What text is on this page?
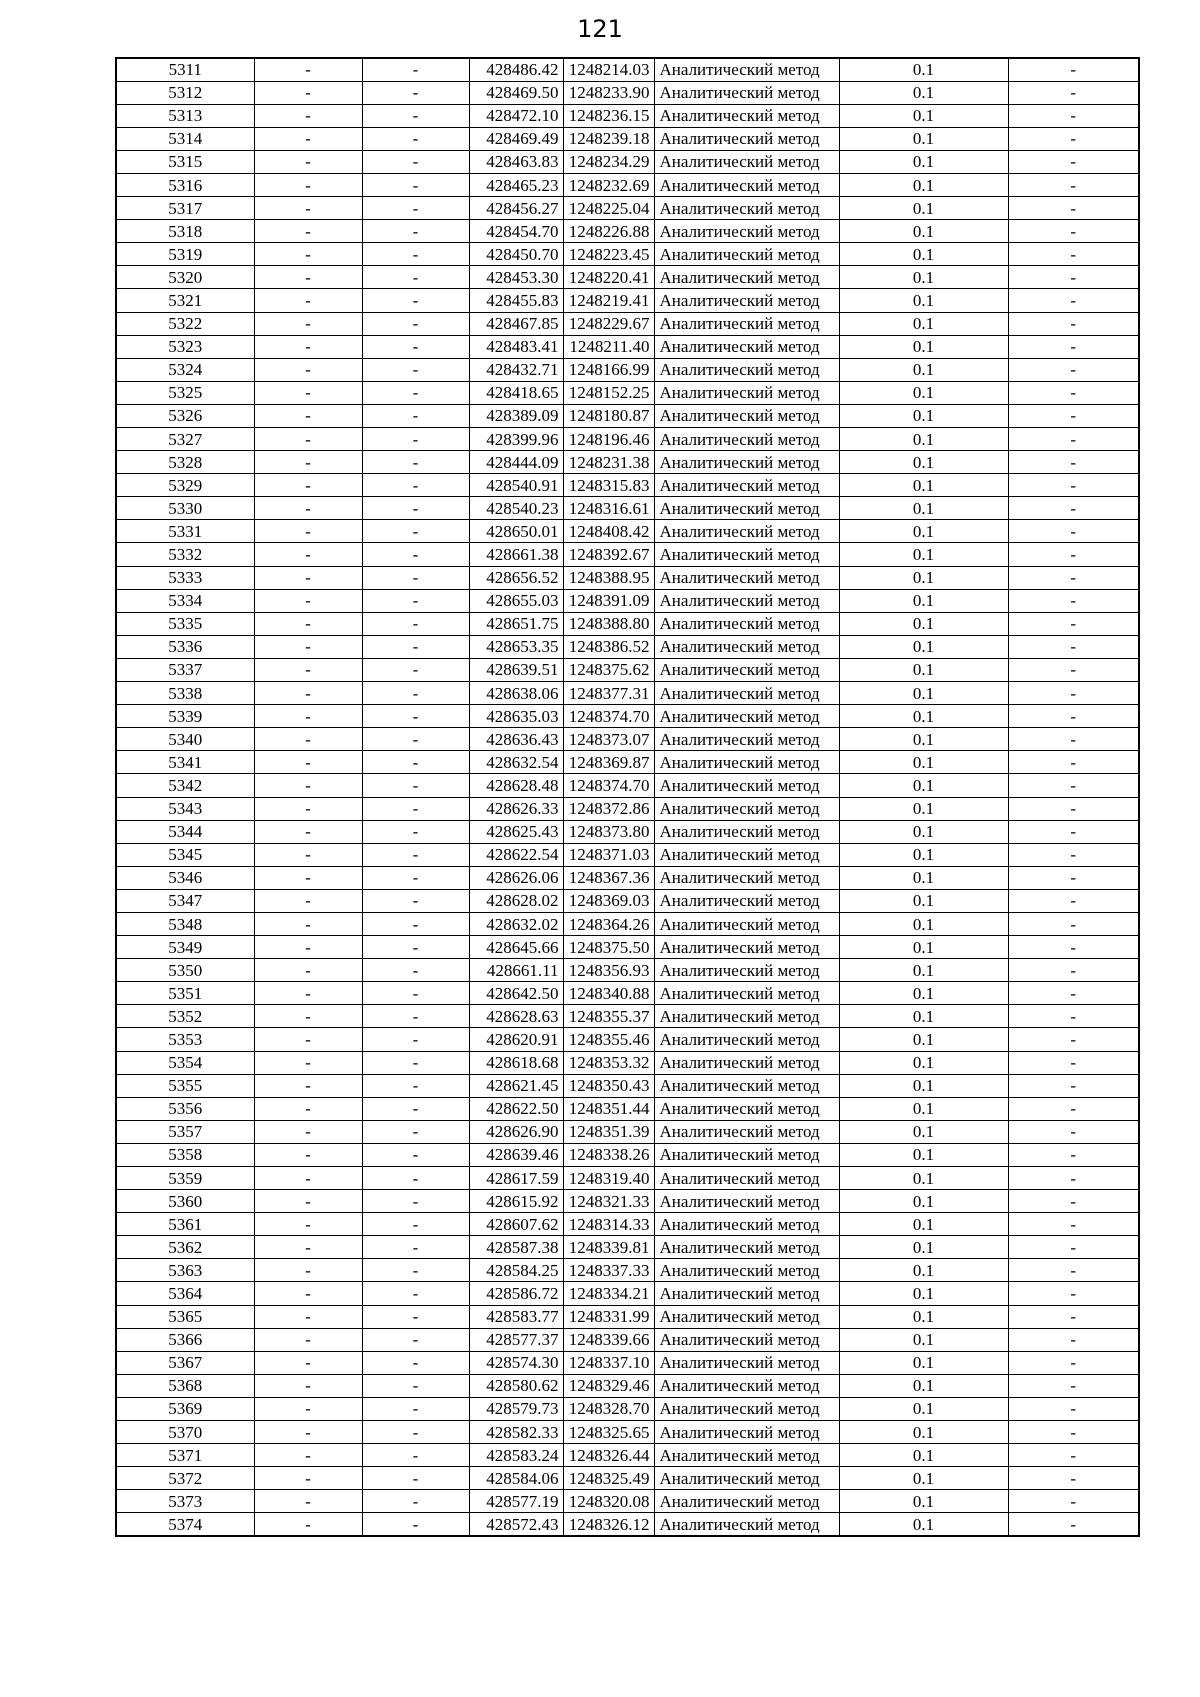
121
5311	-	-	428486.42	1248214.03	Аналитический метод	0.1	-
5312	-	-	428469.50	1248233.90	Аналитический метод	0.1	-
5313	-	-	428472.10	1248236.15	Аналитический метод	0.1	-
5314	-	-	428469.49	1248239.18	Аналитический метод	0.1	-
5315	-	-	428463.83	1248234.29	Аналитический метод	0.1	-
5316	-	-	428465.23	1248232.69	Аналитический метод	0.1	-
5317	-	-	428456.27	1248225.04	Аналитический метод	0.1	-
5318	-	-	428454.70	1248226.88	Аналитический метод	0.1	-
5319	-	-	428450.70	1248223.45	Аналитический метод	0.1	-
5320	-	-	428453.30	1248220.41	Аналитический метод	0.1	-
5321	-	-	428455.83	1248219.41	Аналитический метод	0.1	-
5322	-	-	428467.85	1248229.67	Аналитический метод	0.1	-
5323	-	-	428483.41	1248211.40	Аналитический метод	0.1	-
5324	-	-	428432.71	1248166.99	Аналитический метод	0.1	-
5325	-	-	428418.65	1248152.25	Аналитический метод	0.1	-
5326	-	-	428389.09	1248180.87	Аналитический метод	0.1	-
5327	-	-	428399.96	1248196.46	Аналитический метод	0.1	-
5328	-	-	428444.09	1248231.38	Аналитический метод	0.1	-
5329	-	-	428540.91	1248315.83	Аналитический метод	0.1	-
5330	-	-	428540.23	1248316.61	Аналитический метод	0.1	-
5331	-	-	428650.01	1248408.42	Аналитический метод	0.1	-
5332	-	-	428661.38	1248392.67	Аналитический метод	0.1	-
5333	-	-	428656.52	1248388.95	Аналитический метод	0.1	-
5334	-	-	428655.03	1248391.09	Аналитический метод	0.1	-
5335	-	-	428651.75	1248388.80	Аналитический метод	0.1	-
5336	-	-	428653.35	1248386.52	Аналитический метод	0.1	-
5337	-	-	428639.51	1248375.62	Аналитический метод	0.1	-
5338	-	-	428638.06	1248377.31	Аналитический метод	0.1	-
5339	-	-	428635.03	1248374.70	Аналитический метод	0.1	-
5340	-	-	428636.43	1248373.07	Аналитический метод	0.1	-
5341	-	-	428632.54	1248369.87	Аналитический метод	0.1	-
5342	-	-	428628.48	1248374.70	Аналитический метод	0.1	-
5343	-	-	428626.33	1248372.86	Аналитический метод	0.1	-
5344	-	-	428625.43	1248373.80	Аналитический метод	0.1	-
5345	-	-	428622.54	1248371.03	Аналитический метод	0.1	-
5346	-	-	428626.06	1248367.36	Аналитический метод	0.1	-
5347	-	-	428628.02	1248369.03	Аналитический метод	0.1	-
5348	-	-	428632.02	1248364.26	Аналитический метод	0.1	-
5349	-	-	428645.66	1248375.50	Аналитический метод	0.1	-
5350	-	-	428661.11	1248356.93	Аналитический метод	0.1	-
5351	-	-	428642.50	1248340.88	Аналитический метод	0.1	-
5352	-	-	428628.63	1248355.37	Аналитический метод	0.1	-
5353	-	-	428620.91	1248355.46	Аналитический метод	0.1	-
5354	-	-	428618.68	1248353.32	Аналитический метод	0.1	-
5355	-	-	428621.45	1248350.43	Аналитический метод	0.1	-
5356	-	-	428622.50	1248351.44	Аналитический метод	0.1	-
5357	-	-	428626.90	1248351.39	Аналитический метод	0.1	-
5358	-	-	428639.46	1248338.26	Аналитический метод	0.1	-
5359	-	-	428617.59	1248319.40	Аналитический метод	0.1	-
5360	-	-	428615.92	1248321.33	Аналитический метод	0.1	-
5361	-	-	428607.62	1248314.33	Аналитический метод	0.1	-
5362	-	-	428587.38	1248339.81	Аналитический метод	0.1	-
5363	-	-	428584.25	1248337.33	Аналитический метод	0.1	-
5364	-	-	428586.72	1248334.21	Аналитический метод	0.1	-
5365	-	-	428583.77	1248331.99	Аналитический метод	0.1	-
5366	-	-	428577.37	1248339.66	Аналитический метод	0.1	-
5367	-	-	428574.30	1248337.10	Аналитический метод	0.1	-
5368	-	-	428580.62	1248329.46	Аналитический метод	0.1	-
5369	-	-	428579.73	1248328.70	Аналитический метод	0.1	-
5370	-	-	428582.33	1248325.65	Аналитический метод	0.1	-
5371	-	-	428583.24	1248326.44	Аналитический метод	0.1	-
5372	-	-	428584.06	1248325.49	Аналитический метод	0.1	-
5373	-	-	428577.19	1248320.08	Аналитический метод	0.1	-
5374	-	-	428572.43	1248326.12	Аналитический метод	0.1	-
